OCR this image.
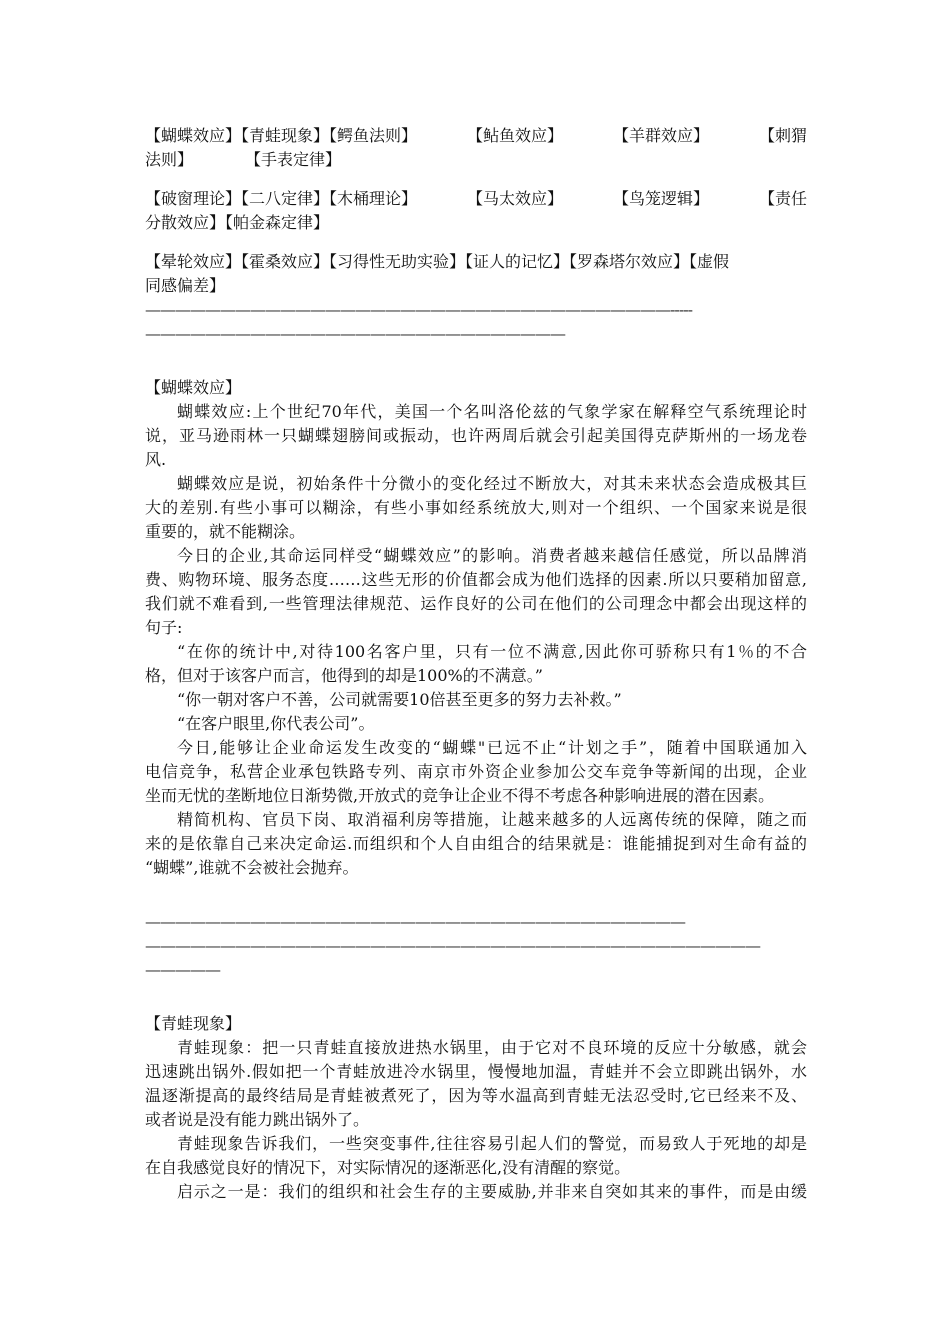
【蝴蝶效应】【青蛙现象】【鳄鱼法则】	【鲇鱼效应】	【羊群效应】	【刺猬
法则】	【手表定律】
【破窗理论】【二八定律】【木桶理论】	【马太效应】	【鸟笼逻辑】	【责任
分散效应】【帕金森定律】
【晕轮效应】【霍桑效应】【习得性无助实验】【证人的记忆】【罗森塔尔效应】【虚假
同感偏差】
———————————————————————————————————-----
————————————————————————————
【蝴蝶效应】
蝴蝶效应:上个世纪70年代，美国一个名叫洛伦兹的气象学家在解释空气系统理论时
说，亚马逊雨林一只蝴蝶翅膀间或振动，也许两周后就会引起美国得克萨斯州的一场龙卷
风.
蝴蝶效应是说，初始条件十分微小的变化经过不断放大，对其未来状态会造成极其巨
大的差别.有些小事可以糊涂，有些小事如经系统放大,则对一个组织、一个国家来说是很
重要的，就不能糊涂。
今日的企业,其命运同样受“蝴蝶效应”的影响。消费者越来越信任感觉，所以品牌消
费、购物环境、服务态度……这些无形的价值都会成为他们选择的因素.所以只要稍加留意,
我们就不难看到,一些管理法律规范、运作良好的公司在他们的公司理念中都会出现这样的
句子:
“在你的统计中,对待100名客户里，只有一位不满意,因此你可骄称只有1％的不合
格，但对于该客户而言，他得到的却是100%的不满意。”
“你一朝对客户不善，公司就需要10倍甚至更多的努力去补救。”
“在客户眼里,你代表公司”。
今日,能够让企业命运发生改变的“蝴蝶"已远不止“计划之手”，随着中国联通加入
电信竞争，私营企业承包铁路专列、南京市外资企业参加公交车竞争等新闻的出现，企业
坐而无忧的垄断地位日渐势微,开放式的竞争让企业不得不考虑各种影响进展的潜在因素。
精简机构、官员下岗、取消福利房等措施，让越来越多的人远离传统的保障，随之而
来的是依靠自己来决定命运.而组织和个人自由组合的结果就是：谁能捕捉到对生命有益的
“蝴蝶”,谁就不会被社会抛弃。
————————————————————————————————————
—————————————————————————————————————————
—————
【青蛙现象】
青蛙现象：把一只青蛙直接放进热水锅里，由于它对不良环境的反应十分敏感，就会
迅速跳出锅外.假如把一个青蛙放进冷水锅里，慢慢地加温，青蛙并不会立即跳出锅外，水
温逐渐提高的最终结局是青蛙被煮死了，因为等水温高到青蛙无法忍受时,它已经来不及、
或者说是没有能力跳出锅外了。
青蛙现象告诉我们，一些突变事件,往往容易引起人们的警觉，而易致人于死地的却是
在自我感觉良好的情况下，对实际情况的逐渐恶化,没有清醒的察觉。
启示之一是：我们的组织和社会生存的主要威胁,并非来自突如其来的事件，而是由缓
